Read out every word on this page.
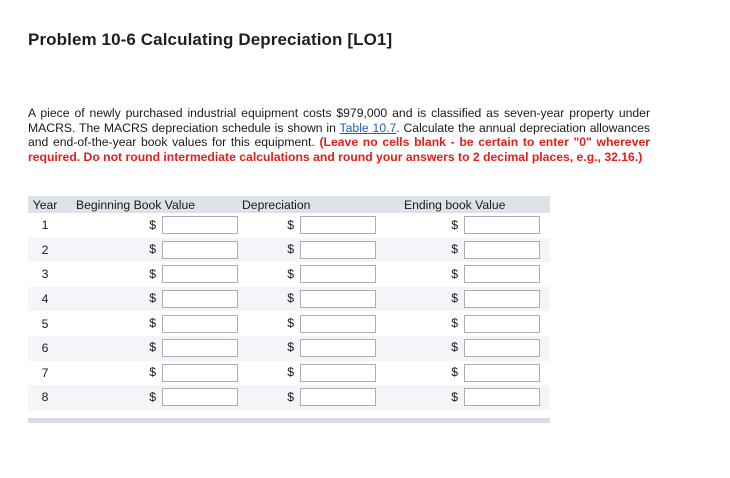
Problem 10-6 Calculating Depreciation [LO1]

A piece of newly purchased industrial equipment costs $979,000 and is classified as seven-year property under MACRS. The MACRS depreciation schedule is shown in Table 10.7. Calculate the annual depreciation allowances and end-of-the-year book values for this equipment. (Leave no cells blank - be certain to enter "0" wherever required. Do not round intermediate calculations and round your answers to 2 decimal places, e.g., 32.16.)

Year	Beginning Book Value	Depreciation	Ending book Value
1	$	$	$
2	$	$	$
3	$	$	$
4	$	$	$
5	$	$	$
6	$	$	$
7	$	$	$
8	$	$	$
